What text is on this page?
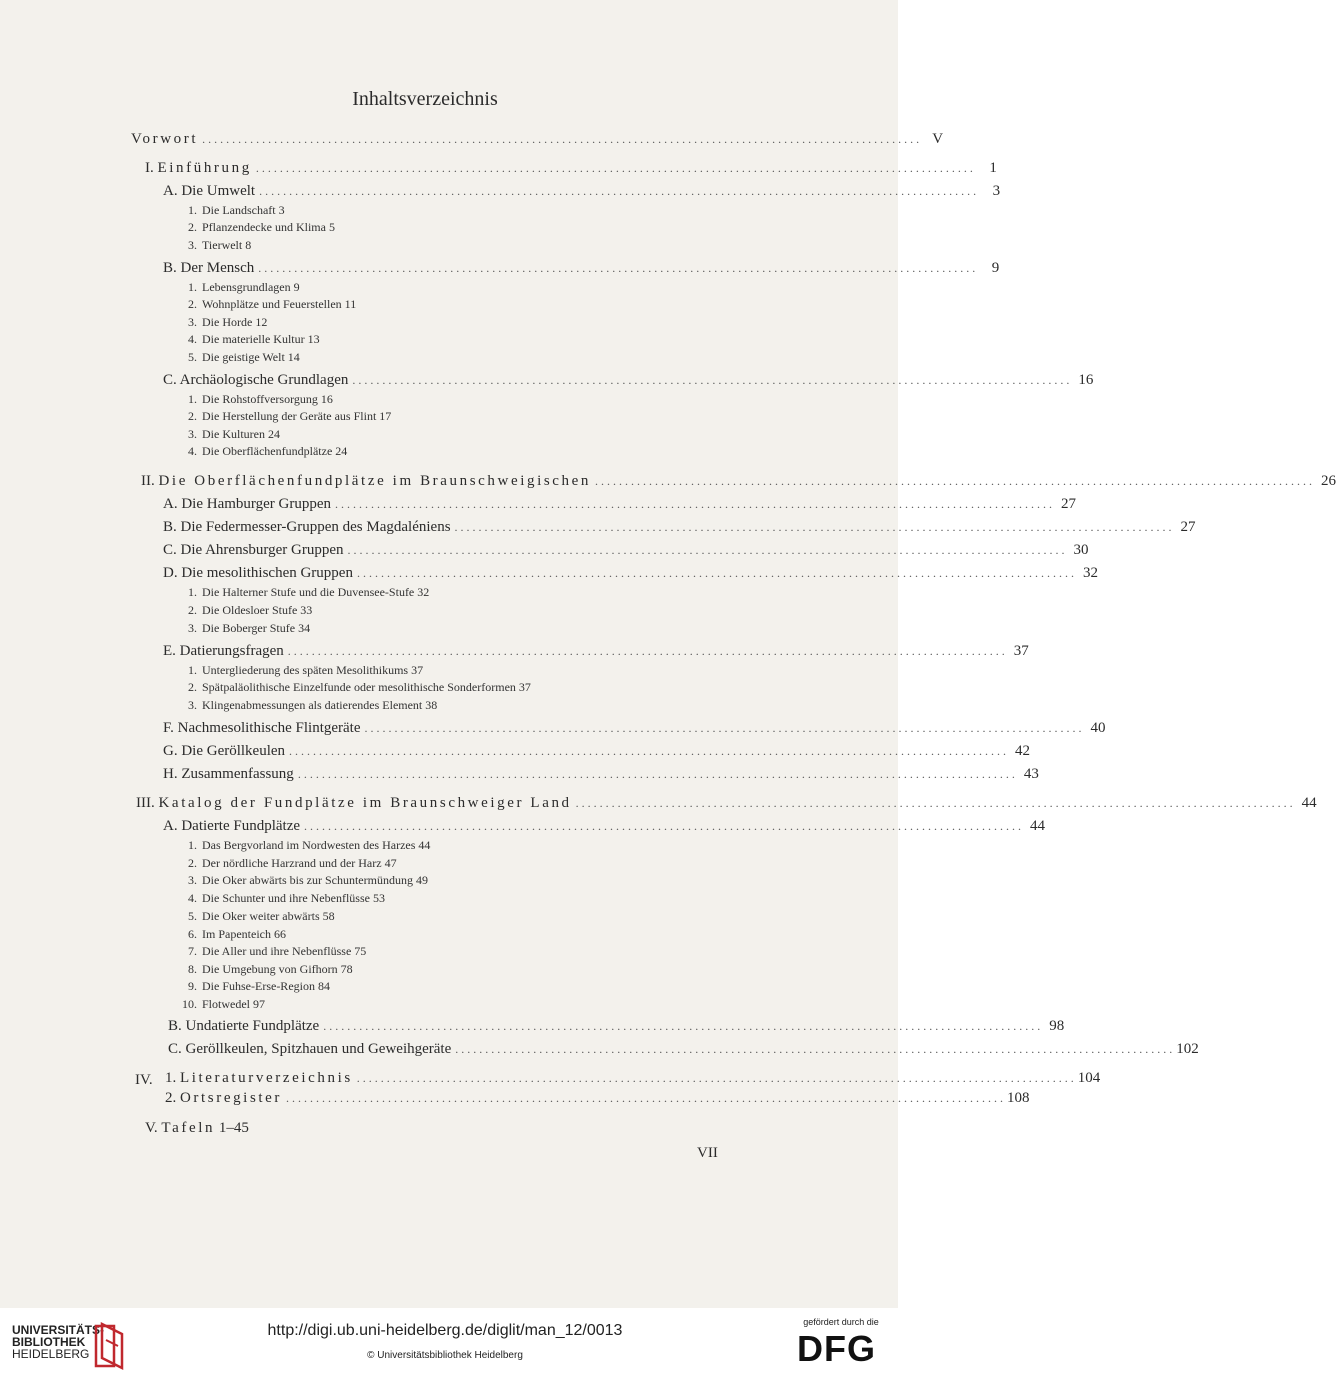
Inhaltsverzeichnis
Vorwort . . . . . . . . . . . . . . . . . . . . . . . . . . . . . . . . . . . . . . . . . . . . . . . . . . . . . . . . . . . . . . . . . . . . . . . . . . . . . . . . . . . . . . . . . . . . . . . . . . . . . . . . . . . . . . . . . . . . . . . . V
I. Einführung . . . . . . . . . . . . . . . . . . . . . . . . . . . . . . . . . . . . . . . . . . . . . . . . . . . . . . . . . . . . . . . . . . . . . . . . . . . . . . . . . . . . . . . . . . . . . . . . . . . . . . . . . . . . . . . . . . . . . . . .	1
A. Die Umwelt . . . . . . . . . . . . . . . . . . . . . . . . . . . . . . . . . . . . . . . . . . . . . . . . . . . . . . . . . . . . . . . . . . . . . . . . . . . . . . . . . . . . . . . . . . . . . . . . . . . . . . . . . . . . . . . . . . . . . . . .	3
1. Die Landschaft 3
2. Pflanzendecke und Klima 5
3. Tierwelt 8
B. Der Mensch . . . . . . . . . . . . . . . . . . . . . . . . . . . . . . . . . . . . . . . . . . . . . . . . . . . . . . . . . . . . . . . . . . . . . . . . . . . . . . . . . . . . . . . . . . . . . . . . . . . . . . . . . . . . . . . . . . . . . . . .	9
1. Lebensgrundlagen 9
2. Wohnplätze und Feuerstellen 11
3. Die Horde 12
4. Die materielle Kultur 13
5. Die geistige Welt 14
C. Archäologische Grundlagen . . . . . . . . . . . . . . . . . . . . . . . . . . . . . . . . . . . . . . . . . . . . . . . . . . . . . . . . . . . . . . . . . . . . . . . . . . . . . . . . . . . . . . . . . . . . . . . . . . . . . . . . . . . . . . . . . . . . . . . . 16
1. Die Rohstoffversorgung 16
2. Die Herstellung der Geräte aus Flint 17
3. Die Kulturen 24
4. Die Oberflächenfundplätze 24
II. Die Oberflächenfundplätze im Braunschweigischen . . . . . . . . . . . . . . . . . . . . . . . . . . . . . . . . . . . . . . . . . . . . . . . . . . . . . . . . . . . . . . . . . . . . . . . . . . . . . . . . . . . . . . . . . . . . . . . . . . . . . . . . . . . . . . . . . . . . . . . . 26
A. Die Hamburger Gruppen . . . . . . . . . . . . . . . . . . . . . . . . . . . . . . . . . . . . . . . . . . . . . . . . . . . . . . . . . . . . . . . . . . . . . . . . . . . . . . . . . . . . . . . . . . . . . . . . . . . . . . . . . . . . . . . . . . . . . . . . 27
B. Die Federmesser-Gruppen des Magdaléniens . . . . . . . . . . . . . . . . . . . . . . . . . . . . . . . . . . . . . . . . . . . . . . . . . . . . . . . . . . . . . . . . . . . . . . . . . . . . . . . . . . . . . . . . . . . . . . . . . . . . . . . . . . . . . . . . . . . . . . . . 27
C. Die Ahrensburger Gruppen . . . . . . . . . . . . . . . . . . . . . . . . . . . . . . . . . . . . . . . . . . . . . . . . . . . . . . . . . . . . . . . . . . . . . . . . . . . . . . . . . . . . . . . . . . . . . . . . . . . . . . . . . . . . . . . . . . . . . . . . 30
D. Die mesolithischen Gruppen . . . . . . . . . . . . . . . . . . . . . . . . . . . . . . . . . . . . . . . . . . . . . . . . . . . . . . . . . . . . . . . . . . . . . . . . . . . . . . . . . . . . . . . . . . . . . . . . . . . . . . . . . . . . . . . . . . . . . . . . 32
1. Die Halterner Stufe und die Duvensee-Stufe 32
2. Die Oldesloer Stufe 33
3. Die Boberger Stufe 34
E. Datierungsfragen . . . . . . . . . . . . . . . . . . . . . . . . . . . . . . . . . . . . . . . . . . . . . . . . . . . . . . . . . . . . . . . . . . . . . . . . . . . . . . . . . . . . . . . . . . . . . . . . . . . . . . . . . . . . . . . . . . . . . . . . 37
1. Untergliederung des späten Mesolithikums 37
2. Spätpaläolithische Einzelfunde oder mesolithische Sonderformen 37
3. Klingenabmessungen als datierendes Element 38
F. Nachmesolithische Flintgeräte . . . . . . . . . . . . . . . . . . . . . . . . . . . . . . . . . . . . . . . . . . . . . . . . . . . . . . . . . . . . . . . . . . . . . . . . . . . . . . . . . . . . . . . . . . . . . . . . . . . . . . . . . . . . . . . . . . . . . . . . 40
G. Die Geröllkeulen . . . . . . . . . . . . . . . . . . . . . . . . . . . . . . . . . . . . . . . . . . . . . . . . . . . . . . . . . . . . . . . . . . . . . . . . . . . . . . . . . . . . . . . . . . . . . . . . . . . . . . . . . . . . . . . . . . . . . . . . 42
H. Zusammenfassung . . . . . . . . . . . . . . . . . . . . . . . . . . . . . . . . . . . . . . . . . . . . . . . . . . . . . . . . . . . . . . . . . . . . . . . . . . . . . . . . . . . . . . . . . . . . . . . . . . . . . . . . . . . . . . . . . . . . . . . . 43
III. Katalog der Fundplätze im Braunschweiger Land . . . . . . . . . . . . . . . . . . . . . . . . . . . . . . . . . . . . . . . . . . . . . . . . . . . . . . . . . . . . . . . . . . . . . . . . . . . . . . . . . . . . . . . . . . . . . . . . . . . . . . . . . . . . . . . . . . . . . . . . 44
A. Datierte Fundplätze . . . . . . . . . . . . . . . . . . . . . . . . . . . . . . . . . . . . . . . . . . . . . . . . . . . . . . . . . . . . . . . . . . . . . . . . . . . . . . . . . . . . . . . . . . . . . . . . . . . . . . . . . . . . . . . . . . . . . . . . 44
1. Das Bergvorland im Nordwesten des Harzes 44
2. Der nördliche Harzrand und der Harz 47
3. Die Oker abwärts bis zur Schuntermündung 49
4. Die Schunter und ihre Nebenflüsse 53
5. Die Oker weiter abwärts 58
6. Im Papenteich 66
7. Die Aller und ihre Nebenflüsse 75
8. Die Umgebung von Gifhorn 78
9. Die Fuhse-Erse-Region 84
10. Flotwedel 97
B. Undatierte Fundplätze . . . . . . . . . . . . . . . . . . . . . . . . . . . . . . . . . . . . . . . . . . . . . . . . . . . . . . . . . . . . . . . . . . . . . . . . . . . . . . . . . . . . . . . . . . . . . . . . . . . . . . . . . . . . . . . . . . . . . . . . 98
C. Geröllkeulen, Spitzhauen und Geweihgeräte . . . . . . . . . . . . . . . . . . . . . . . . . . . . . . . . . . . . . . . . . . . . . . . . . . . . . . . . . . . . . . . . . . . . . . . . . . . . . . . . . . . . . . . . . . . . . . . . . . . . . . . . . . . . . . . . . . . . . . . . 102
IV. 1. Literaturverzeichnis . . . . . . . . . . . . . . . . . . . . . . . . . . . . . . . . . . . . . . . . . . . . . . . . . . . . . . . . . . . . . . . . . . . . . . . . . . . . . . . . . . . . . . . . . . . . . . . . . . . . . . . . . . . . . . . . . . . . . . . . 104
2. Ortsregister . . . . . . . . . . . . . . . . . . . . . . . . . . . . . . . . . . . . . . . . . . . . . . . . . . . . . . . . . . . . . . . . . . . . . . . . . . . . . . . . . . . . . . . . . . . . . . . . . . . . . . . . . . . . . . . . . . . . . . . . 108
V. Tafeln 1–45
VII
UNIVERSITÄTS-
BIBLIOTHEK
HEIDELBERG
http://digi.ub.uni-heidelberg.de/diglit/man_12/0013
© Universitätsbibliothek Heidelberg
gefördert durch die
DFG
